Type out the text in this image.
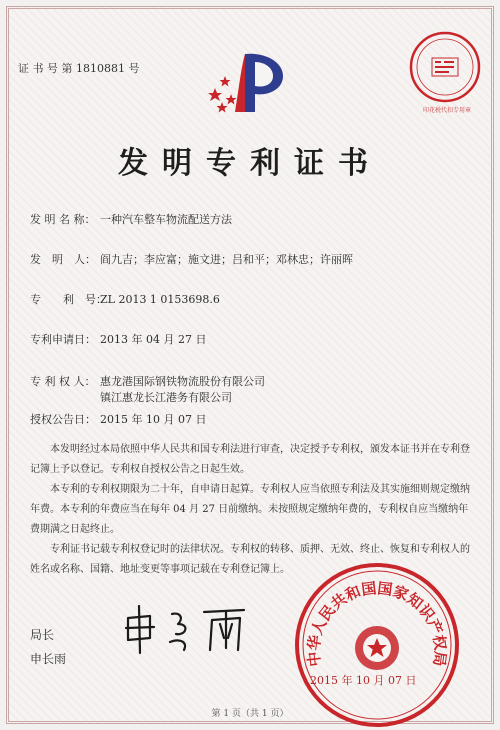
证 书 号 第 1810881 号
印花税代扣专用章
发明专利证书
发 明 名 称： 一种汽车整车物流配送方法
发　明　人： 阎九吉；李应富；施文进；吕和平；邓林忠；许丽晖
专　　利　号：ZL 2013 1 0153698.6
专利申请日： 2013 年 04 月 27 日
专 利 权 人： 惠龙港国际钢铁物流股份有限公司
镇江惠龙长江港务有限公司
授权公告日： 2015 年 10 月 07 日
本发明经过本局依照中华人民共和国专利法进行审查，决定授予专利权，颁发本证书并在专利登记簿上予以登记。专利权自授权公告之日起生效。
本专利的专利权期限为二十年，自申请日起算。专利权人应当依照专利法及其实施细则规定缴纳年费。本专利的年费应当在每年 04 月 27 日前缴纳。未按照规定缴纳年费的，专利权自应当缴纳年费期满之日起终止。
专利证书记载专利权登记时的法律状况。专利权的转移、质押、无效、终止、恢复和专利权人的姓名或名称、国籍、地址变更等事项记载在专利登记簿上。
局长
申长雨	中华人民共和国国家知识产权局
2015 年 10 月 07 日
第 1 页（共 1 页）
